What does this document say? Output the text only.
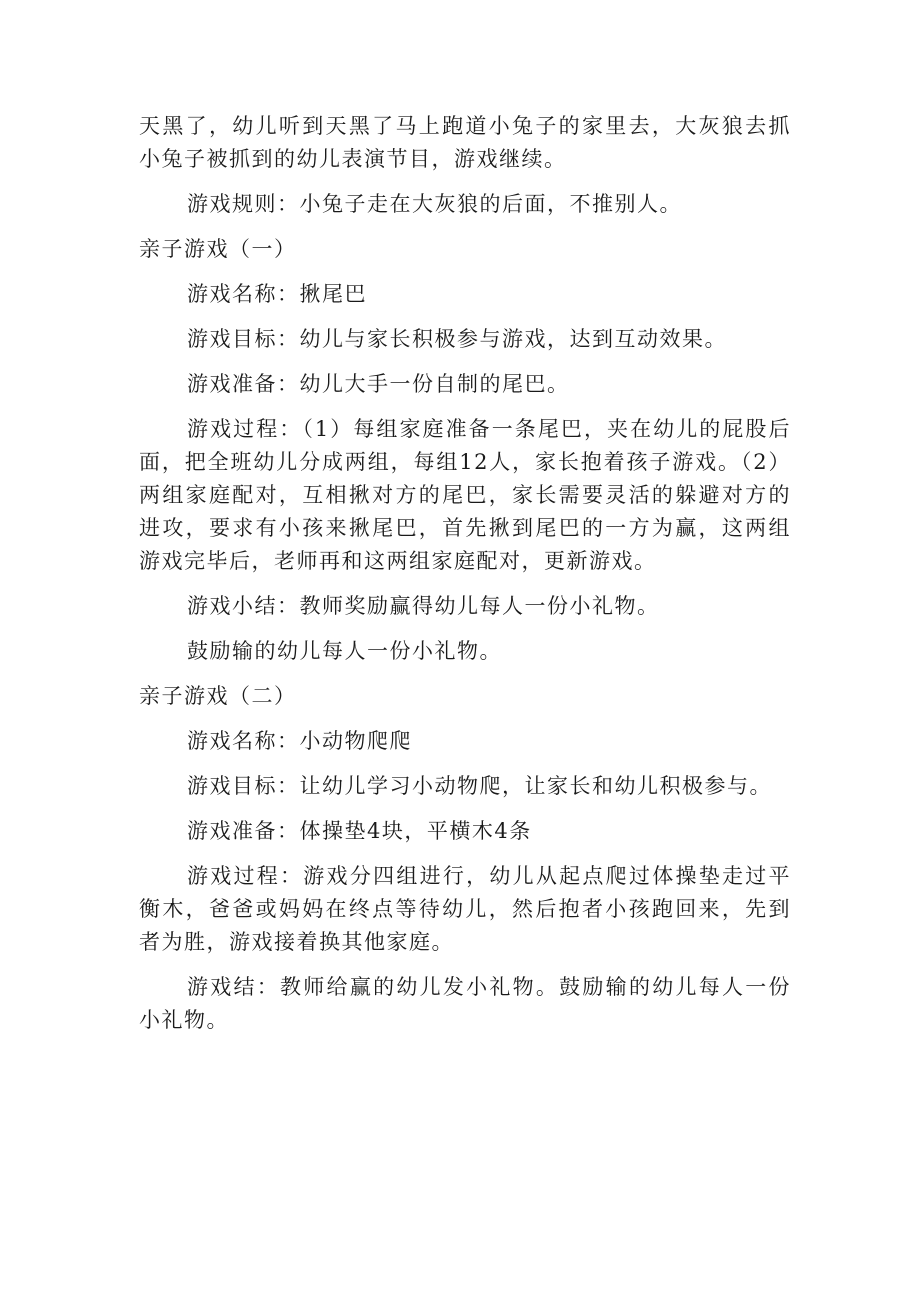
天黑了，幼儿听到天黑了马上跑道小兔子的家里去，大灰狼去抓小兔子被抓到的幼儿表演节目，游戏继续。

游戏规则：小兔子走在大灰狼的后面，不推别人。

亲子游戏（一）

游戏名称：揪尾巴

游戏目标：幼儿与家长积极参与游戏，达到互动效果。

游戏准备：幼儿大手一份自制的尾巴。

游戏过程：（1）每组家庭准备一条尾巴，夹在幼儿的屁股后面，把全班幼儿分成两组，每组12人，家长抱着孩子游戏。（2）两组家庭配对，互相揪对方的尾巴，家长需要灵活的躲避对方的进攻，要求有小孩来揪尾巴，首先揪到尾巴的一方为赢，这两组游戏完毕后，老师再和这两组家庭配对，更新游戏。

游戏小结：教师奖励赢得幼儿每人一份小礼物。

鼓励输的幼儿每人一份小礼物。

亲子游戏（二）

游戏名称：小动物爬爬

游戏目标：让幼儿学习小动物爬，让家长和幼儿积极参与。

游戏准备：体操垫4块，平横木4条

游戏过程：游戏分四组进行，幼儿从起点爬过体操垫走过平衡木，爸爸或妈妈在终点等待幼儿，然后抱者小孩跑回来，先到者为胜，游戏接着换其他家庭。

游戏结：教师给赢的幼儿发小礼物。鼓励输的幼儿每人一份小礼物。
